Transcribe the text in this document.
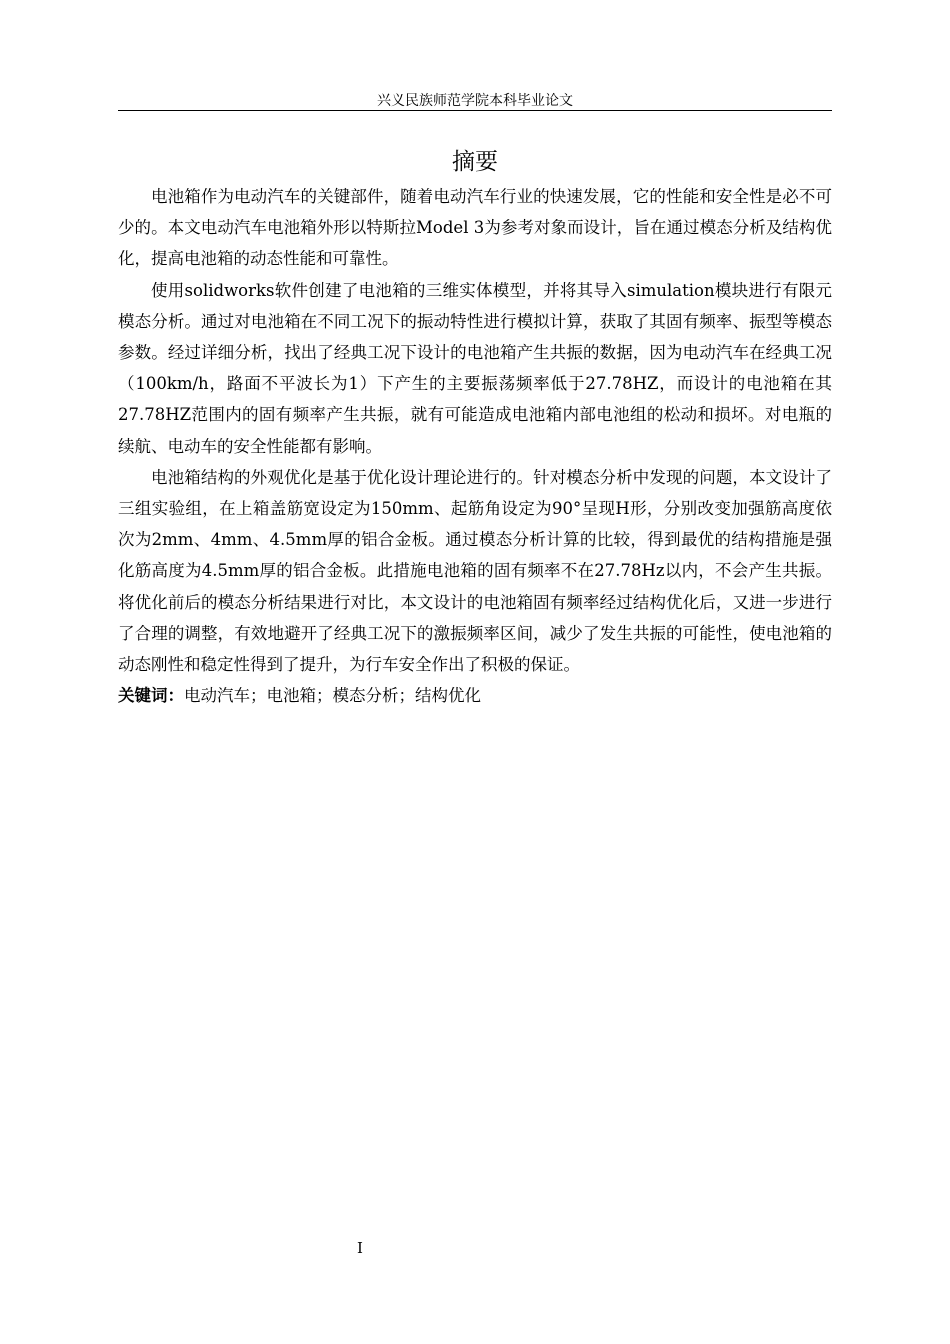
兴义民族师范学院本科毕业论文
摘要

电池箱作为电动汽车的关键部件，随着电动汽车行业的快速发展，它的性能和安全性是必不可少的。本文电动汽车电池箱外形以特斯拉Model 3为参考对象而设计，旨在通过模态分析及结构优化，提高电池箱的动态性能和可靠性。

使用solidworks软件创建了电池箱的三维实体模型，并将其导入simulation模块进行有限元模态分析。通过对电池箱在不同工况下的振动特性进行模拟计算，获取了其固有频率、振型等模态参数。经过详细分析，找出了经典工况下设计的电池箱产生共振的数据，因为电动汽车在经典工况（100km/h，路面不平波长为1）下产生的主要振荡频率低于27.78HZ，而设计的电池箱在其27.78HZ范围内的固有频率产生共振，就有可能造成电池箱内部电池组的松动和损坏。对电瓶的续航、电动车的安全性能都有影响。

电池箱结构的外观优化是基于优化设计理论进行的。针对模态分析中发现的问题，本文设计了三组实验组，在上箱盖筋宽设定为150mm、起筋角设定为90°呈现H形，分别改变加强筋高度依次为2mm、4mm、4.5mm厚的铝合金板。通过模态分析计算的比较，得到最优的结构措施是强化筋高度为4.5mm厚的铝合金板。此措施电池箱的固有频率不在27.78Hz以内，不会产生共振。将优化前后的模态分析结果进行对比，本文设计的电池箱固有频率经过结构优化后，又进一步进行了合理的调整，有效地避开了经典工况下的激振频率区间，减少了发生共振的可能性，使电池箱的动态刚性和稳定性得到了提升，为行车安全作出了积极的保证。

关键词：电动汽车；电池箱；模态分析；结构优化

I
